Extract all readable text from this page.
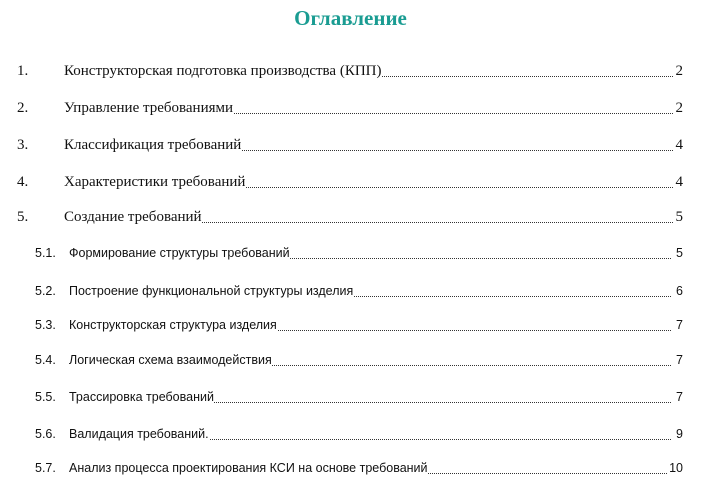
Оглавление
1. Конструкторская подготовка производства (КПП)	2
2. Управление требованиями	2
3. Классификация требований	4
4. Характеристики требований	4
5. Создание требований	5
5.1. Формирование структуры требований	5
5.2. Построение функциональной структуры изделия	6
5.3. Конструкторская структура изделия	7
5.4. Логическая схема взаимодействия	7
5.5. Трассировка требований	7
5.6. Валидация требований.	9
5.7. Анализ процесса проектирования КСИ на основе требований	10
